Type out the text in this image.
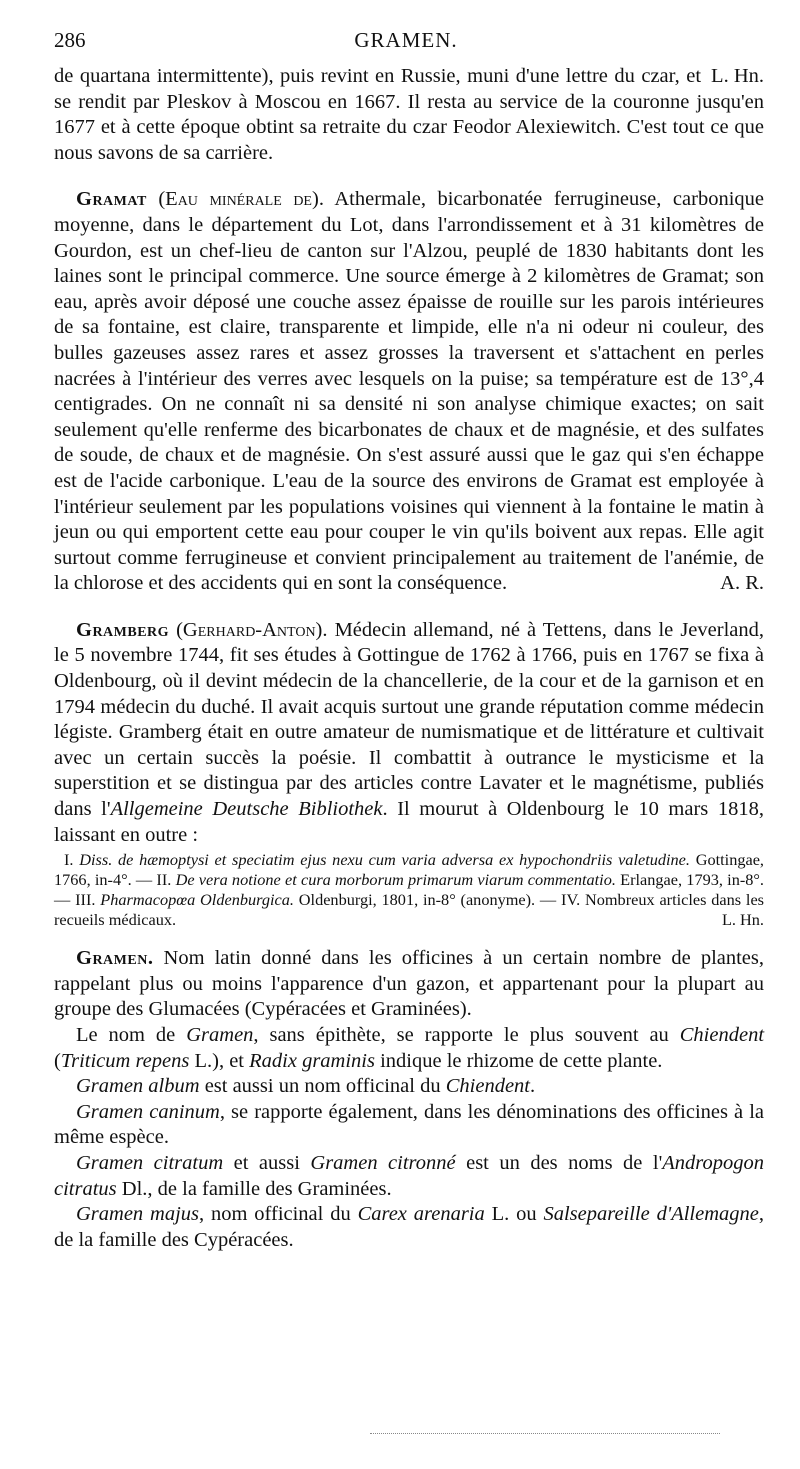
286	GRAMEN.

L. Hn.
de quartana intermittente), puis revint en Russie, muni d'une lettre du czar, et se rendit par Pleskov à Moscou en 1667. Il resta au service de la couronne jusqu'en 1677 et à cette époque obtint sa retraite du czar Feodor Alexiewitch. C'est tout ce que nous savons de sa carrière.

Gramat (Eau minérale de). Athermale, bicarbonatée ferrugineuse, carbonique moyenne, dans le département du Lot, dans l'arrondissement et à 31 kilomètres de Gourdon, est un chef-lieu de canton sur l'Alzou, peuplé de 1830 habitants dont les laines sont le principal commerce. Une source émerge à 2 kilomètres de Gramat; son eau, après avoir déposé une couche assez épaisse de rouille sur les parois intérieures de sa fontaine, est claire, transparente et limpide, elle n'a ni odeur ni couleur, des bulles gazeuses assez rares et assez grosses la traversent et s'attachent en perles nacrées à l'intérieur des verres avec lesquels on la puise; sa température est de 13°,4 centigrades. On ne connaît ni sa densité ni son analyse chimique exactes; on sait seulement qu'elle renferme des bicarbonates de chaux et de magnésie, et des sulfates de soude, de chaux et de magnésie. On s'est assuré aussi que le gaz qui s'en échappe est de l'acide carbonique. L'eau de la source des environs de Gramat est employée à l'intérieur seulement par les populations voisines qui viennent à la fontaine le matin à jeun ou qui emportent cette eau pour couper le vin qu'ils boivent aux repas. Elle agit surtout comme ferrugineuse et convient principalement au traitement de l'anémie, de la chlorose et des accidents qui en sont la conséquence.	A. R.

Gramberg (Gerhard-Anton). Médecin allemand, né à Tettens, dans le Jeverland, le 5 novembre 1744, fit ses études à Gottingue de 1762 à 1766, puis en 1767 se fixa à Oldenbourg, où il devint médecin de la chancellerie, de la cour et de la garnison et en 1794 médecin du duché. Il avait acquis surtout une grande réputation comme médecin légiste. Gramberg était en outre amateur de numismatique et de littérature et cultivait avec un certain succès la poésie. Il combattit à outrance le mysticisme et la superstition et se distingua par des articles contre Lavater et le magnétisme, publiés dans l'Allgemeine Deutsche Bibliothek. Il mourut à Oldenbourg le 10 mars 1818, laissant en outre :

I. Diss. de hæmoptysi et speciatim ejus nexu cum varia adversa ex hypochondriis valetudine. Gottingae, 1766, in-4°. — II. De vera notione et cura morborum primarum viarum commentatio. Erlangae, 1793, in-8°. — III. Pharmacopœa Oldenburgica. Oldenburgi, 1801, in-8° (anonyme). — IV. Nombreux articles dans les recueils médicaux.	L. Hn.

Gramen. Nom latin donné dans les officines à un certain nombre de plantes, rappelant plus ou moins l'apparence d'un gazon, et appartenant pour la plupart au groupe des Glumacées (Cypéracées et Graminées).

Le nom de Gramen, sans épithète, se rapporte le plus souvent au Chiendent (Triticum repens L.), et Radix graminis indique le rhizome de cette plante.

Gramen album est aussi un nom officinal du Chiendent.

Gramen caninum, se rapporte également, dans les dénominations des officines à la même espèce.

Gramen citratum et aussi Gramen citronné est un des noms de l'Andropogon citratus Dl., de la famille des Graminées.

Gramen majus, nom officinal du Carex arenaria L. ou Salsepareille d'Allemagne, de la famille des Cypéracées.
